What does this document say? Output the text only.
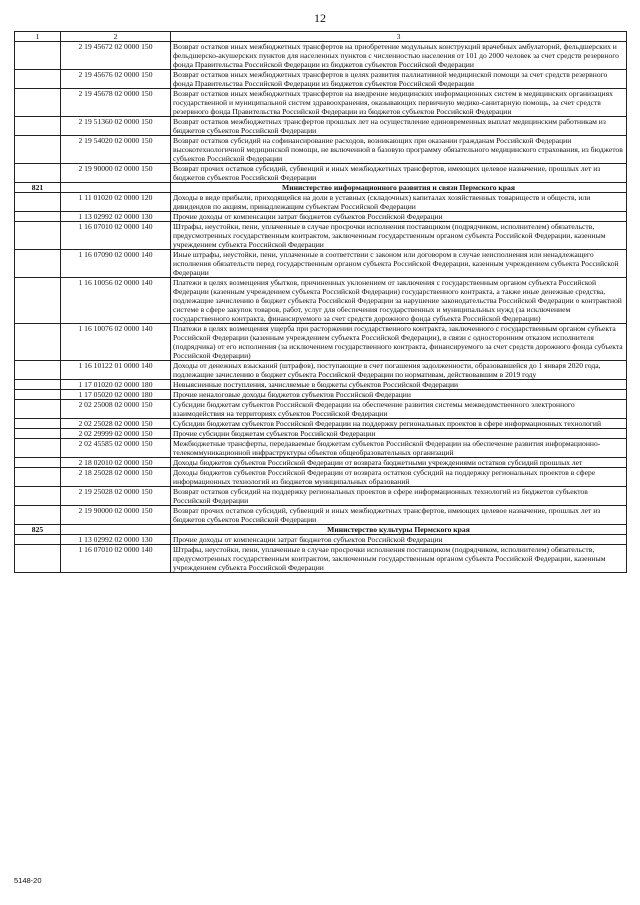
12
1	2	3
	2 19 45672 02 0000 150	Возврат остатков иных межбюджетных трансфертов на приобретение модульных конструкций врачебных амбулаторий, фельдшерских и фельдшерско-акушерских пунктов для населенных пунктов с численностью населения от 101 до 2000 человек за счет средств резервного фонда Правительства Российской Федерации из бюджетов субъектов Российской Федерации
	2 19 45676 02 0000 150	Возврат остатков иных межбюджетных трансфертов в целях развития паллиативной медицинской помощи за счет средств резервного фонда Правительства Российской Федерации из бюджетов субъектов Российской Федерации
	2 19 45678 02 0000 150	Возврат остатков иных межбюджетных трансфертов на внедрение медицинских информационных систем в медицинских организациях государственной и муниципальной систем здравоохранения, оказывающих первичную медико-санитарную помощь, за счет средств резервного фонда Правительства Российской Федерации из бюджетов субъектов Российской Федерации
	2 19 51360 02 0000 150	Возврат остатков межбюджетных трансфертов прошлых лет на осуществление единовременных выплат медицинским работникам из бюджетов субъектов Российской Федерации
	2 19 54020 02 0000 150	Возврат остатков субсидий на софинансирование расходов, возникающих при оказании гражданам Российской Федерации высокотехнологичной медицинской помощи, не включенной в базовую программу обязательного медицинского страхования, из бюджетов субъектов Российской Федерации
	2 19 90000 02 0000 150	Возврат прочих остатков субсидий, субвенций и иных межбюджетных трансфертов, имеющих целевое назначение, прошлых лет из бюджетов субъектов Российской Федерации
821		Министерство информационного развития и связи Пермского края
	1 11 01020 02 0000 120	Доходы в виде прибыли, приходящейся на доли в уставных (складочных) капиталах хозяйственных товариществ и обществ, или дивидендов по акциям, принадлежащим субъектам Российской Федерации
	1 13 02992 02 0000 130	Прочие доходы от компенсации затрат бюджетов субъектов Российской Федерации
	1 16 07010 02 0000 140	Штрафы, неустойки, пени, уплаченные в случае просрочки исполнения поставщиком (подрядчиком, исполнителем) обязательств, предусмотренных государственным контрактом, заключенным государственным органом субъекта Российской Федерации, казенным учреждением субъекта Российской Федерации
	1 16 07090 02 0000 140	Иные штрафы, неустойки, пени, уплаченные в соответствии с законом или договором в случае неисполнения или ненадлежащего исполнения обязательств перед государственным органом субъекта Российской Федерации, казенным учреждением субъекта Российской Федерации
	1 16 10056 02 0000 140	Платежи в целях возмещения убытков, причиненных уклонением от заключения с государственным органом субъекта Российской Федерации (казенным учреждением субъекта Российской Федерации) государственного контракта, а также иные денежные средства, подлежащие зачислению в бюджет субъекта Российской Федерации за нарушение законодательства Российской Федерации о контрактной системе в сфере закупок товаров, работ, услуг для обеспечения государственных и муниципальных нужд (за исключением государственного контракта, финансируемого за счет средств дорожного фонда субъекта Российской Федерации)
	1 16 10076 02 0000 140	Платежи в целях возмещения ущерба при расторжении государственного контракта, заключенного с государственным органом субъекта Российской Федерации (казенным учреждением субъекта Российской Федерации), в связи с односторонним отказом исполнителя (подрядчика) от его исполнения (за исключением государственного контракта, финансируемого за счет средств дорожного фонда субъекта Российской Федерации)
	1 16 10122 01 0000 140	Доходы от денежных взысканий (штрафов), поступающие в счет погашения задолженности, образовавшейся до 1 января 2020 года, подлежащие зачислению в бюджет субъекта Российской Федерации по нормативам, действовавшим в 2019 году
	1 17 01020 02 0000 180	Невыясненные поступления, зачисляемые в бюджеты субъектов Российской Федерации
	1 17 05020 02 0000 180	Прочие неналоговые доходы бюджетов субъектов Российской Федерации
	2 02 25008 02 0000 150	Субсидии бюджетам субъектов Российской Федерации на обеспечение развития системы межведомственного электронного взаимодействия на территориях субъектов Российской Федерации
	2 02 25028 02 0000 150	Субсидии бюджетам субъектов Российской Федерации на поддержку региональных проектов в сфере информационных технологий
	2 02 29999 02 0000 150	Прочие субсидии бюджетам субъектов Российской Федерации
	2 02 45585 02 0000 150	Межбюджетные трансферты, передаваемые бюджетам субъектов Российской Федерации на обеспечение развития информационно-телекоммуникационной инфраструктуры объектов общеобразовательных организаций
	2 18 02010 02 0000 150	Доходы бюджетов субъектов Российской Федерации от возврата бюджетными учреждениями остатков субсидий прошлых лет
	2 18 25028 02 0000 150	Доходы бюджетов субъектов Российской Федерации от возврата остатков субсидий на поддержку региональных проектов в сфере информационных технологий из бюджетов муниципальных образований
	2 19 25028 02 0000 150	Возврат остатков субсидий на поддержку региональных проектов в сфере информационных технологий из бюджетов субъектов Российской Федерации
	2 19 90000 02 0000 150	Возврат прочих остатков субсидий, субвенций и иных межбюджетных трансфертов, имеющих целевое назначение, прошлых лет из бюджетов субъектов Российской Федерации
825		Министерство культуры Пермского края
	1 13 02992 02 0000 130	Прочие доходы от компенсации затрат бюджетов субъектов Российской Федерации
	1 16 07010 02 0000 140	Штрафы, неустойки, пени, уплаченные в случае просрочки исполнения поставщиком (подрядчиком, исполнителем) обязательств, предусмотренных государственным контрактом, заключенным государственным органом субъекта Российской Федерации, казенным учреждением субъекта Российской Федерации
5148-20
